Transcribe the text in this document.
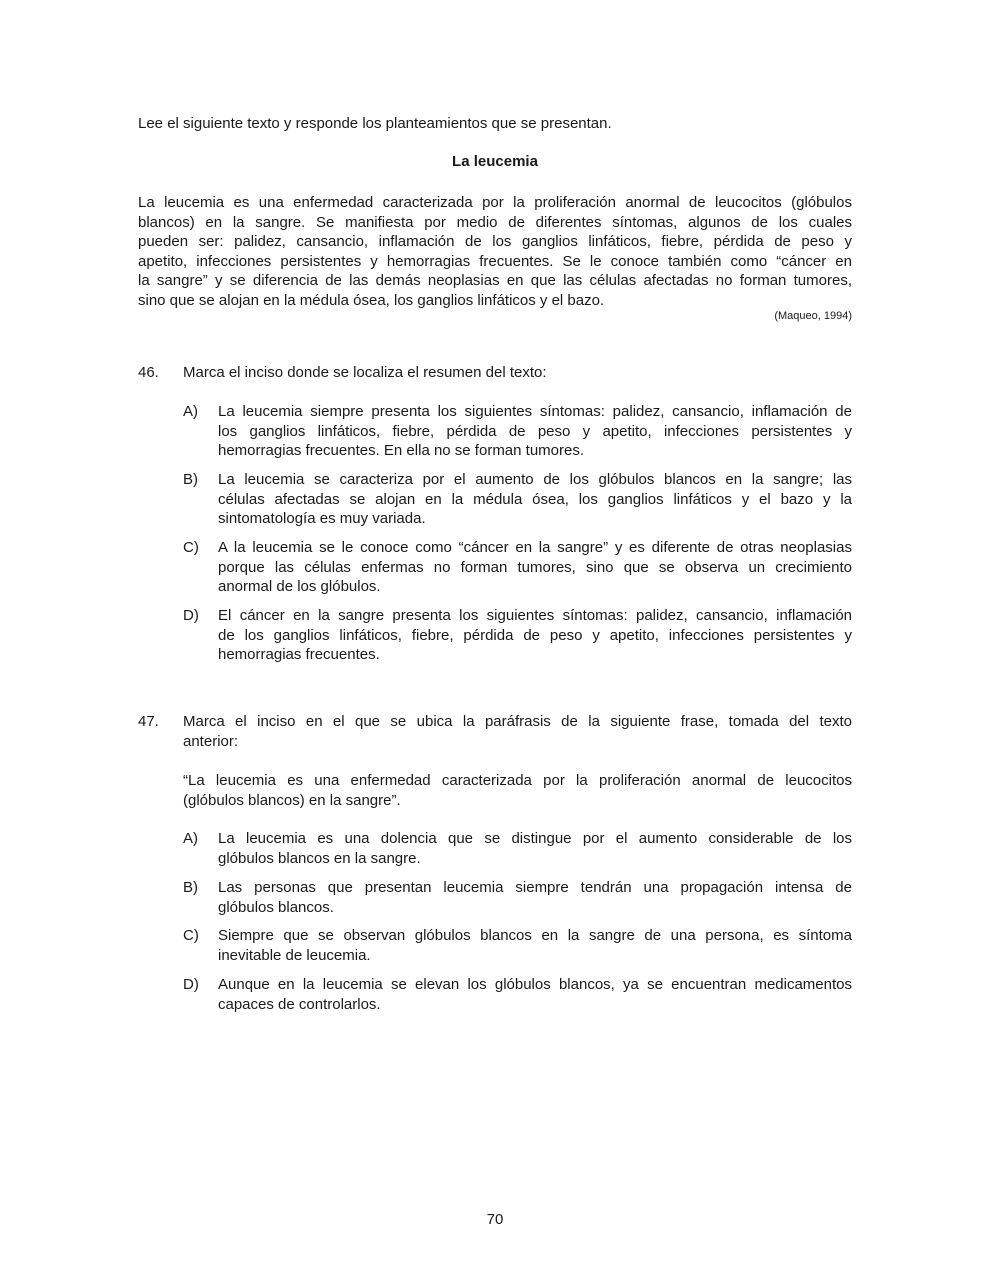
Lee el siguiente texto y responde los planteamientos que se presentan.
La leucemia
La leucemia es una enfermedad caracterizada por la proliferación anormal de leucocitos (glóbulos
blancos) en la sangre. Se manifiesta por medio de diferentes síntomas, algunos de los cuales
pueden ser: palidez, cansancio, inflamación de los ganglios linfáticos, fiebre, pérdida de peso y
apetito, infecciones persistentes y hemorragias frecuentes. Se le conoce también como “cáncer en
la sangre” y se diferencia de las demás neoplasias en que las células afectadas no forman tumores,
sino que se alojan en la médula ósea, los ganglios linfáticos y el bazo.
(Maqueo, 1994)
46. Marca el inciso donde se localiza el resumen del texto:
A) La leucemia siempre presenta los siguientes síntomas: palidez, cansancio, inflamación de
los ganglios linfáticos, fiebre, pérdida de peso y apetito, infecciones persistentes y
hemorragias frecuentes. En ella no se forman tumores.
B) La leucemia se caracteriza por el aumento de los glóbulos blancos en la sangre; las
células afectadas se alojan en la médula ósea, los ganglios linfáticos y el bazo y la
sintomatología es muy variada.
C) A la leucemia se le conoce como “cáncer en la sangre” y es diferente de otras neoplasias
porque las células enfermas no forman tumores, sino que se observa un crecimiento
anormal de los glóbulos.
D) El cáncer en la sangre presenta los siguientes síntomas: palidez, cansancio, inflamación
de los ganglios linfáticos, fiebre, pérdida de peso y apetito, infecciones persistentes y
hemorragias frecuentes.
47. Marca el inciso en el que se ubica la paráfrasis de la siguiente frase, tomada del texto
anterior:
“La leucemia es una enfermedad caracterizada por la proliferación anormal de leucocitos
(glóbulos blancos) en la sangre”.
A) La leucemia es una dolencia que se distingue por el aumento considerable de los
glóbulos blancos en la sangre.
B) Las personas que presentan leucemia siempre tendrán una propagación intensa de
glóbulos blancos.
C) Siempre que se observan glóbulos blancos en la sangre de una persona, es síntoma
inevitable de leucemia.
D) Aunque en la leucemia se elevan los glóbulos blancos, ya se encuentran medicamentos
capaces de controlarlos.
70
